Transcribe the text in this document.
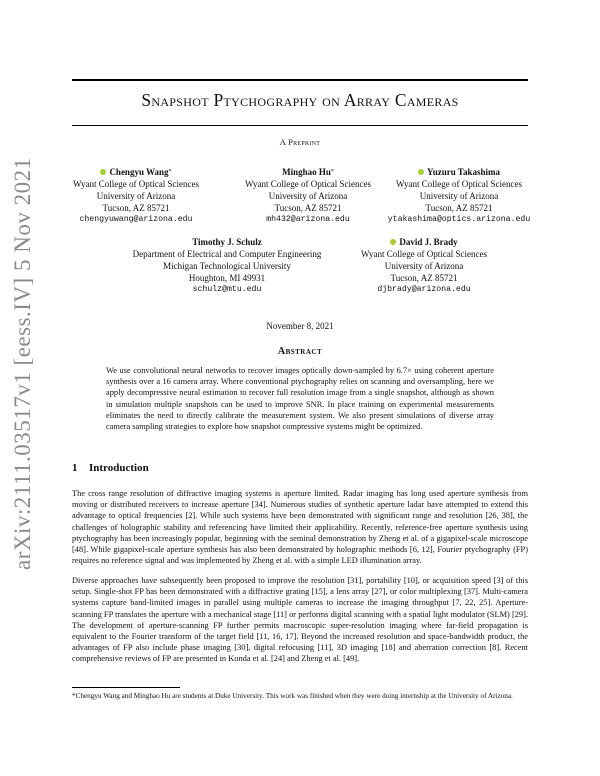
arXiv:2111.03517v1 [eess.IV] 5 Nov 2021
Snapshot Ptychography on Array Cameras
A Preprint
Chengyu Wang*
Wyant College of Optical Sciences
University of Arizona
Tucson, AZ 85721
chengyuwang@arizona.edu
Minghao Hu*
Wyant College of Optical Sciences
University of Arizona
Tucson, AZ 85721
mh432@arizona.edu
Yuzuru Takashima
Wyant College of Optical Sciences
University of Arizona
Tucson, AZ 85721
ytakashima@optics.arizona.edu
Timothy J. Schulz
Department of Electrical and Computer Engineering
Michigan Technological University
Houghton, MI 49931
schulz@mtu.edu
David J. Brady
Wyant College of Optical Sciences
University of Arizona
Tucson, AZ 85721
djbrady@arizona.edu
November 8, 2021
Abstract
We use convolutional neural networks to recover images optically down-sampled by 6.7× using coherent aperture synthesis over a 16 camera array. Where conventional ptychography relies on scanning and oversampling, here we apply decompressive neural estimation to recover full resolution image from a single snapshot, although as shown in simulation multiple snapshots can be used to improve SNR. In place training on experimental measurements eliminates the need to directly calibrate the measurement system. We also present simulations of diverse array camera sampling strategies to explore how snapshot compressive systems might be optimized.
1 Introduction
The cross range resolution of diffractive imaging systems is aperture limited. Radar imaging has long used aperture synthesis from moving or distributed receivers to increase aperture [34]. Numerous studies of synthetic aperture ladar have attempted to extend this advantage to optical frequencies [2]. While such systems have been demonstrated with significant range and resolution [26, 38], the challenges of holographic stability and referencing have limited their applicability. Recently, reference-free aperture synthesis using ptychography has been increasingly popular, beginning with the seminal demonstration by Zheng et al. of a gigapixel-scale microscope [48]. While gigapixel-scale aperture synthesis has also been demonstrated by holographic methods [6, 12], Fourier ptychography (FP) requires no reference signal and was implemented by Zheng et al. with a simple LED illumination array.
Diverse approaches have subsequently been proposed to improve the resolution [31], portability [10], or acquisition speed [3] of this setup. Single-shot FP has been demonstrated with a diffractive grating [15], a lens array [27], or color multiplexing [37]. Multi-camera systems capture band-limited images in parallel using multiple cameras to increase the imaging throughput [7, 22, 25]. Aperture-scanning FP translates the aperture with a mechanical stage [11] or performs digital scanning with a spatial light modulator (SLM) [29]. The development of aperture-scanning FP further permits macroscopic super-resolution imaging where far-field propagation is equivalent to the Fourier transform of the target field [11, 16, 17]. Beyond the increased resolution and space-bandwidth product, the advantages of FP also include phase imaging [30], digital refocusing [11], 3D imaging [18] and aberration correction [8]. Recent comprehensive reviews of FP are presented in Konda et al. [24] and Zheng et al. [49].
*Chengyu Wang and Minghao Hu are students at Duke University. This work was finished when they were doing internship at the University of Arizona.
